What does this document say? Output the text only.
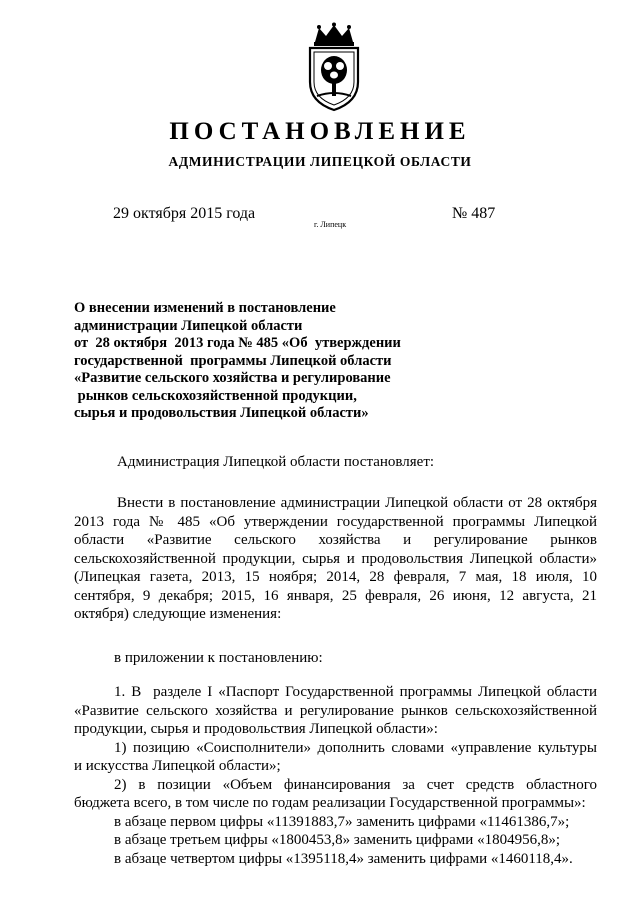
ПОСТАНОВЛЕНИЕ
АДМИНИСТРАЦИИ ЛИПЕЦКОЙ ОБЛАСТИ
29 октября 2015 года
г. Липецк
№ 487
О внесении изменений в постановление
администрации Липецкой области
от  28 октября  2013 года № 485 «Об  утверждении
государственной  программы Липецкой области
«Развитие сельского хозяйства и регулирование
рынков сельскохозяйственной продукции,
сырья и продовольствия Липецкой области»
Администрация Липецкой области постановляет:
Внести в постановление администрации Липецкой области от 28 октября
2013 года № 485 «Об утверждении государственной программы Липецкой
области «Развитие сельского хозяйства и регулирование рынков
сельскохозяйственной продукции, сырья и продовольствия Липецкой области»
(Липецкая газета, 2013, 15 ноября; 2014, 28 февраля, 7 мая, 18 июля, 10
сентября, 9 декабря; 2015, 16 января, 25 февраля, 26 июня, 12 августа, 21
октября) следующие изменения:
в приложении к постановлению:
1. В  разделе I «Паспорт Государственной программы Липецкой области
«Развитие сельского хозяйства и регулирование рынков сельскохозяйственной
продукции, сырья и продовольствия Липецкой области»:
1) позицию «Соисполнители» дополнить словами «управление культуры
и искусства Липецкой области»;
2) в позиции «Объем финансирования за счет средств областного
бюджета всего, в том числе по годам реализации Государственной программы»:
в абзаце первом цифры «11391883,7» заменить цифрами «11461386,7»;
в абзаце третьем цифры «1800453,8» заменить цифрами «1804956,8»;
в абзаце четвертом цифры «1395118,4» заменить цифрами «1460118,4».
